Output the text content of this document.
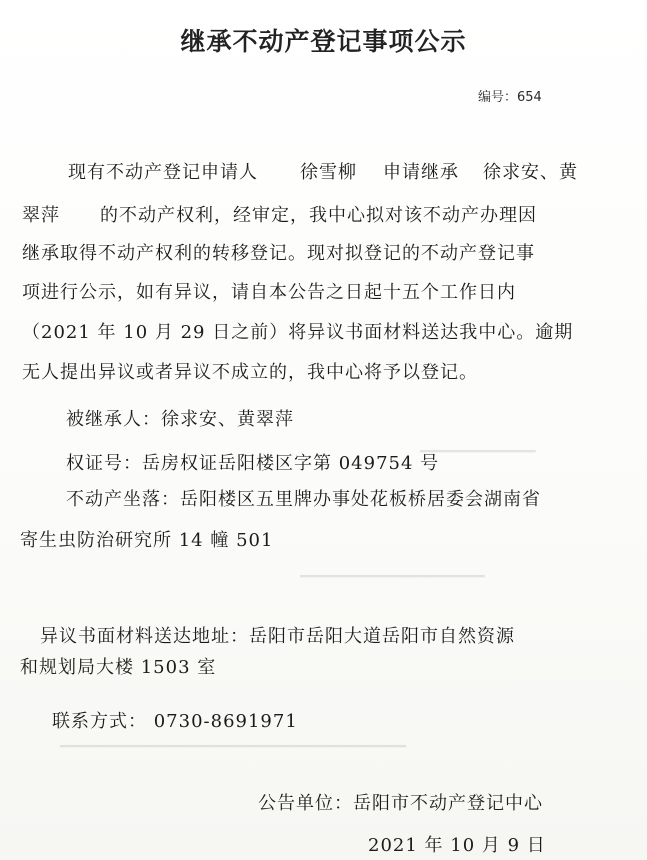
▔▔▔▔▔▔▔▔▔▔
▔▔▔▔▔▔▔▔▔▔▔▔▔▔▔▔
▔▔▔▔▔▔▔▔▔▔▔▔▔▔▔▔▔▔▔▔▔▔▔▔▔▔▔▔▔▔
继承不动产登记事项公示
编号：654
现有不动产登记申请人 徐雪柳 申请继承 徐求安、黄
翠萍 的不动产权利，经审定，我中心拟对该不动产办理因
继承取得不动产权利的转移登记。现对拟登记的不动产登记事
项进行公示，如有异议，请自本公告之日起十五个工作日内
（2021 年 10 月 29 日之前）将异议书面材料送达我中心。逾期
无人提出异议或者异议不成立的，我中心将予以登记。
被继承人：徐求安、黄翠萍
权证号：岳房权证岳阳楼区字第 049754 号
不动产坐落：岳阳楼区五里牌办事处花板桥居委会湖南省
寄生虫防治研究所 14 幢 501
异议书面材料送达地址：岳阳市岳阳大道岳阳市自然资源
和规划局大楼 1503 室
联系方式： 0730-8691971
公告单位：岳阳市不动产登记中心
2021 年 10 月 9 日
